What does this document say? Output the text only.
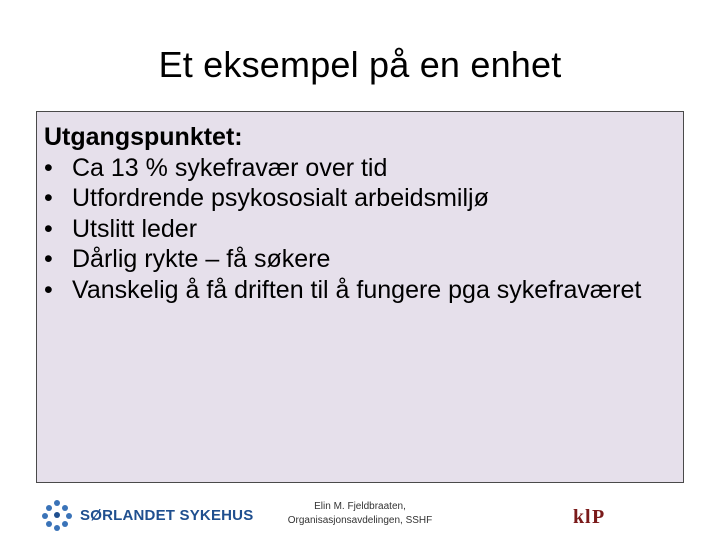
Et eksempel på en enhet
Utgangspunktet:
• Ca 13 % sykefravær over tid
• Utfordrende psykososialt arbeidsmiljø
• Utslitt leder
• Dårlig rykte – få søkere
• Vanskelig å få driften til å fungere pga sykefraværet
SØRLANDET SYKEHUS	Elin M. Fjeldbraaten,
Organisasjonsavdelingen, SSHF	k l P
